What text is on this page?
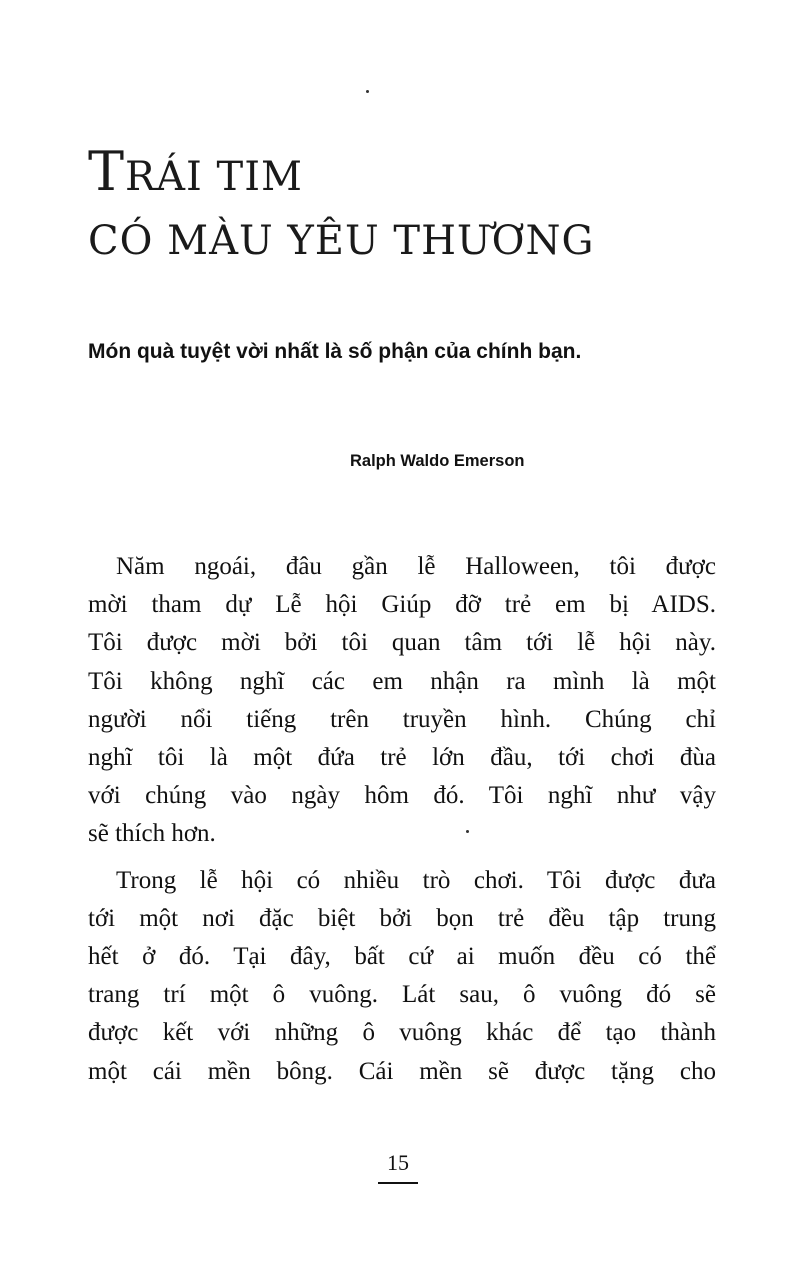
TRÁI TIM
CÓ MÀU YÊU THƯƠNG

Món quà tuyệt vời nhất là số phận của chính bạn.

Ralph Waldo Emerson

Năm ngoái, đâu gần lễ Halloween, tôi được
mời tham dự Lễ hội Giúp đỡ trẻ em bị AIDS.
Tôi được mời bởi tôi quan tâm tới lễ hội này.
Tôi không nghĩ các em nhận ra mình là một
người nổi tiếng trên truyền hình. Chúng chỉ
nghĩ tôi là một đứa trẻ lớn đầu, tới chơi đùa
với chúng vào ngày hôm đó. Tôi nghĩ như vậy
sẽ thích hơn.

Trong lễ hội có nhiều trò chơi. Tôi được đưa
tới một nơi đặc biệt bởi bọn trẻ đều tập trung
hết ở đó. Tại đây, bất cứ ai muốn đều có thể
trang trí một ô vuông. Lát sau, ô vuông đó sẽ
được kết với những ô vuông khác để tạo thành
một cái mền bông. Cái mền sẽ được tặng cho

15
